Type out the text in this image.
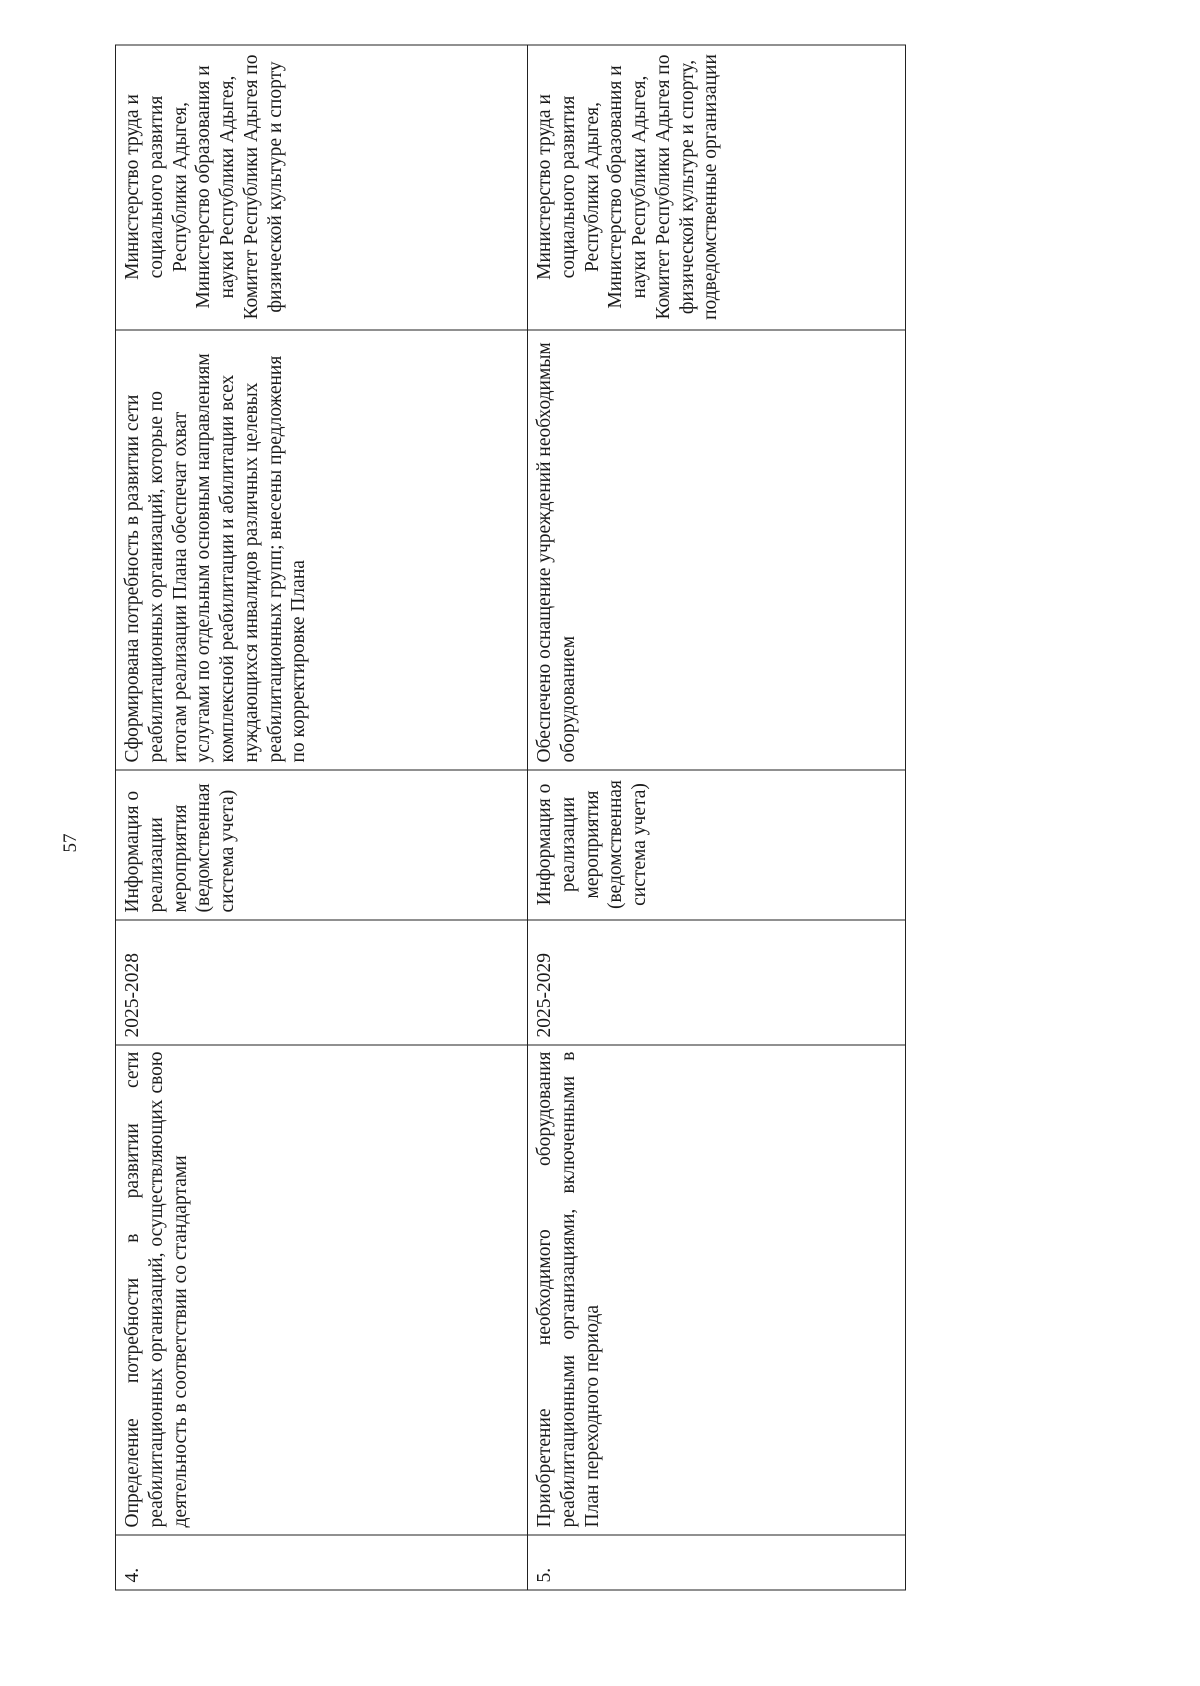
57
4.	Определение потребности в развитии сети реабилитационных организаций, осуществляющих свою деятельность в соответствии со стандартами	2025-2028	Информация о реализации мероприятия (ведомственная система учета)	Сформирована потребность в развитии сети реабилитационных организаций, которые по итогам реализации Плана обеспечат охват услугами по отдельным основным направлениям комплексной реабилитации и абилитации всех нуждающихся инвалидов различных целевых реабилитационных групп; внесены предложения по корректировке Плана	Министерство труда и социального развития Республики Адыгея, Министерство образования и науки Республики Адыгея, Комитет Республики Адыгея по физической культуре и спорту
5.	Приобретение необходимого оборудования реабилитационными организациями, включенными в План переходного периода	2025-2029	Информация о реализации мероприятия (ведомственная система учета)	Обеспечено оснащение учреждений необходимым оборудованием	Министерство труда и социального развития Республики Адыгея, Министерство образования и науки Республики Адыгея, Комитет Республики Адыгея по физической культуре и спорту, подведомственные организации
